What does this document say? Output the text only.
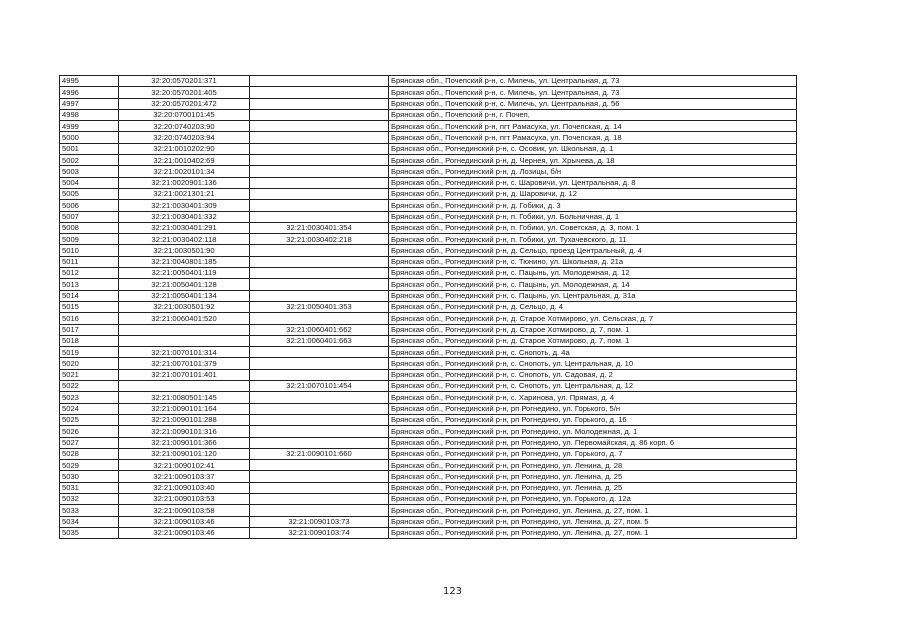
4995	32:20:0570201:371		Брянская обл., Почепский р-н, с. Милечь, ул. Центральная, д. 73
4996	32:20:0570201:405		Брянская обл., Почепский р-н, с. Милечь, ул. Центральная, д. 73
4997	32:20:0570201:472		Брянская обл., Почепский р-н, с. Милечь, ул. Центральная, д. 56
4998	32:20:0700101:45		Брянская обл., Почепский р-н, г. Почеп,
4999	32:20:0740203:90		Брянская обл., Почепский р-н, пгт Рамасуха, ул. Почепская, д. 14
5000	32:20:0740203:94		Брянская обл., Почепский р-н, пгт Рамасуха, ул. Почепская, д. 18
5001	32:21:0010202:90		Брянская обл., Рогнединский р-н, с. Осовик, ул. Школьная, д. 1
5002	32:21:0010402:69		Брянская обл., Рогнединский р-н, д. Чернея, ул. Хрычева, д. 18
5003	32:21:0020101:34		Брянская обл., Рогнединский р-н, д. Лозицы, б/н
5004	32:21:0020901:136		Брянская обл., Рогнединский р-н, с. Шаровичи, ул. Центральная, д. 8
5005	32:21:0021301:21		Брянская обл., Рогнединский р-н, д. Шаровичи, д. 12
5006	32:21:0030401:309		Брянская обл., Рогнединский р-н, д. Гобики, д. 3
5007	32:21:0030401:332		Брянская обл., Рогнединский р-н, п. Гобики, ул. Больничная, д. 1
5008	32:21:0030401:291	32:21:0030401:354	Брянская обл., Рогнединский р-н, п. Гобики, ул. Советская, д. 3, пом. 1
5009	32:21:0030402:118	32:21:0030402:218	Брянская обл., Рогнединский р-н, п. Гобики, ул. Тухачевского, д. 11
5010	32:21:0030501:90		Брянская обл., Рогнединский р-н, д. Сельцо, проезд Центральный, д. 4
5011	32:21:0040801:185		Брянская обл., Рогнединский р-н, с. Тюнино, ул. Школьная, д. 21а
5012	32:21:0050401:119		Брянская обл., Рогнединский р-н, с. Пацынь, ул. Молодежная, д. 12
5013	32:21:0050401:128		Брянская обл., Рогнединский р-н, с. Пацынь, ул. Молодежная, д. 14
5014	32:21:0050401:134		Брянская обл., Рогнединский р-н, с. Пацынь, ул. Центральная, д. 31а
5015	32:21:0030501:92	32:21:0050401:353	Брянская обл., Рогнединский р-н, д. Сельцо, д. 4
5016	32:21:0060401:520		Брянская обл., Рогнединский р-н, д. Старое Хотмирово, ул. Сельская, д. 7
5017		32:21:0060401:662	Брянская обл., Рогнединский р-н, д. Старое Хотмирово, д. 7, пом. 1
5018		32:21:0060401:663	Брянская обл., Рогнединский р-н, д. Старое Хотмирово, д. 7, пом. 1
5019	32:21:0070101:314		Брянская обл., Рогнединский р-н, с. Снопоть, д. 4а
5020	32:21:0070101:379		Брянская обл., Рогнединский р-н, с. Снопоть, ул. Центральная, д. 10
5021	32:21:0070101:401		Брянская обл., Рогнединский р-н, с. Снопоть, ул. Садовая, д. 2
5022		32:21:0070101:454	Брянская обл., Рогнединский р-н, с. Снопоть, ул. Центральная, д. 12
5023	32:21:0080501:145		Брянская обл., Рогнединский р-н, с. Харинова, ул. Прямая, д. 4
5024	32:21:0090101:164		Брянская обл., Рогнединский р-н, рп Рогнедино, ул. Горького, 5/н
5025	32:21:0090101:288		Брянская обл., Рогнединский р-н, рп Рогнедино, ул. Горького, д. 16
5026	32:21:0090101:316		Брянская обл., Рогнединский р-н, рп Рогнедино, ул. Молодежная, д. 1
5027	32:21:0090101:366		Брянская обл., Рогнединский р-н, рп Рогнедино, ул. Первомайская, д. 86 корп. 6
5028	32:21:0090101:120	32:21:0090101:660	Брянская обл., Рогнединский р-н, рп Рогнедино, ул. Горького, д. 7
5029	32:21:0090102:41		Брянская обл., Рогнединский р-н, рп Рогнедино, ул. Ленина, д. 28
5030	32:21:0090103:37		Брянская обл., Рогнединский р-н, рп Рогнедино, ул. Ленина, д. 25
5031	32:21:0090103:40		Брянская обл., Рогнединский р-н, рп Рогнедино, ул. Ленина, д. 25
5032	32:21:0090103:53		Брянская обл., Рогнединский р-н, рп Рогнедино, ул. Горького, д. 12а
5033	32:21:0090103:58		Брянская обл., Рогнединский р-н, рп Рогнедино, ул. Ленина, д. 27, пом. 1
5034	32:21:0090103:46	32:21:0090103:73	Брянская обл., Рогнединский р-н, рп Рогнедино, ул. Ленина, д. 27, пом. 5
5035	32:21:0090103:46	32:21:0090103:74	Брянская обл., Рогнединский р-н, рп Рогнедино, ул. Ленина, д. 27, пом. 1
123
